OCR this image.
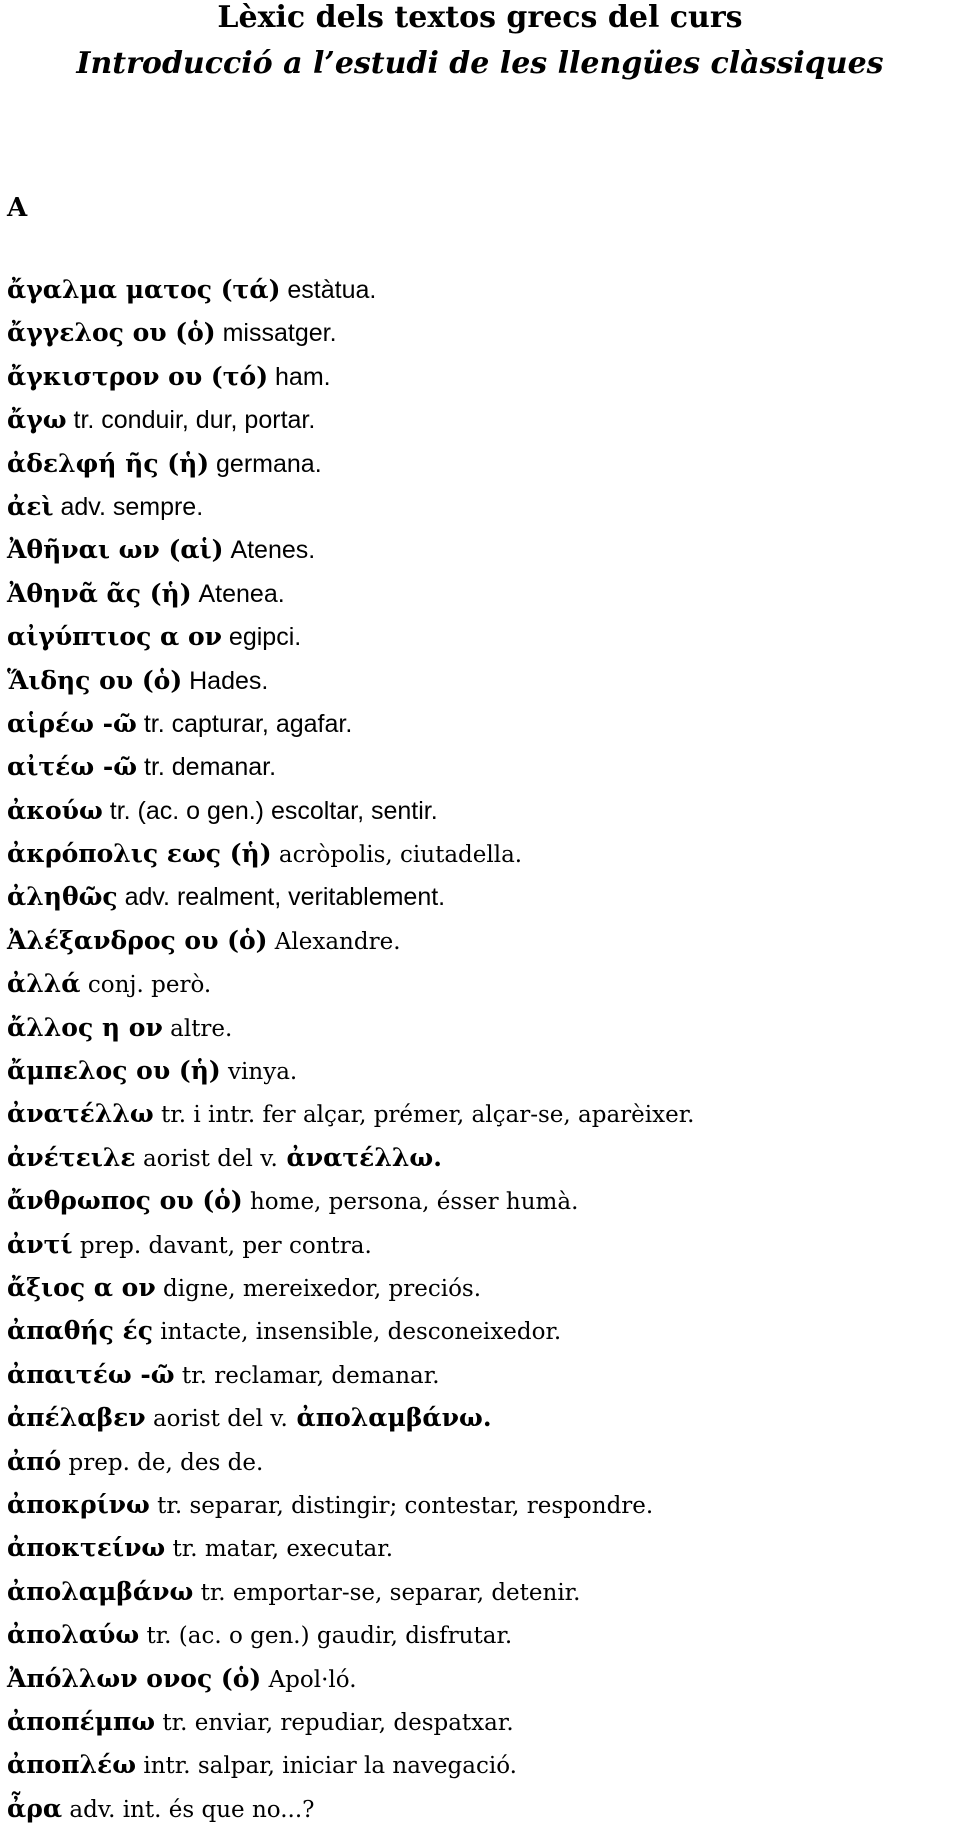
Lèxic dels textos grecs del curs
Introducció a l’estudi de les llengües clàssiques
A
ἄγαλμα ματος (τά) estàtua.
ἄγγελος ου (ὁ) missatger.
ἄγκιστρον ου (τό) ham.
ἄγω tr. conduir, dur, portar.
ἀδελφή ῆς (ἡ) germana.
ἀεὶ adv. sempre.
Ἀθῆναι ων (αἱ) Atenes.
Ἀθηνᾶ ᾶς (ἡ) Atenea.
αἰγύπτιος α ον egipci.
Ἅιδης ου (ὁ) Hades.
αἱρέω -ῶ tr. capturar, agafar.
αἰτέω -ῶ tr. demanar.
ἀκούω tr. (ac. o gen.) escoltar, sentir.
ἀκρόπολις εως (ἡ) acròpolis, ciutadella.
ἀληθῶς adv. realment, veritablement.
Ἀλέξανδρος ου (ὁ) Alexandre.
ἀλλά conj. però.
ἄλλος η ον altre.
ἄμπελος ου (ἡ) vinya.
ἀνατέλλω tr. i intr. fer alçar, prémer, alçar-se, aparèixer.
ἀνέτειλε aorist del v. ἀνατέλλω.
ἄνθρωπος ου (ὁ) home, persona, ésser humà.
ἀντί prep. davant, per contra.
ἄξιος α ον digne, mereixedor, preciós.
ἀπαθής ές intacte, insensible, desconeixedor.
ἀπαιτέω -ῶ tr. reclamar, demanar.
ἀπέλαβεν aorist del v. ἀπολαμβάνω.
ἀπό prep. de, des de.
ἀποκρίνω tr. separar, distingir; contestar, respondre.
ἀποκτείνω tr. matar, executar.
ἀπολαμβάνω tr. emportar-se, separar, detenir.
ἀπολαύω tr. (ac. o gen.) gaudir, disfrutar.
Ἀπόλλων ονος (ὁ) Apol·ló.
ἀποπέμπω tr. enviar, repudiar, despatxar.
ἀποπλέω intr. salpar, iniciar la navegació.
ἆρα adv. int. és que no...?
